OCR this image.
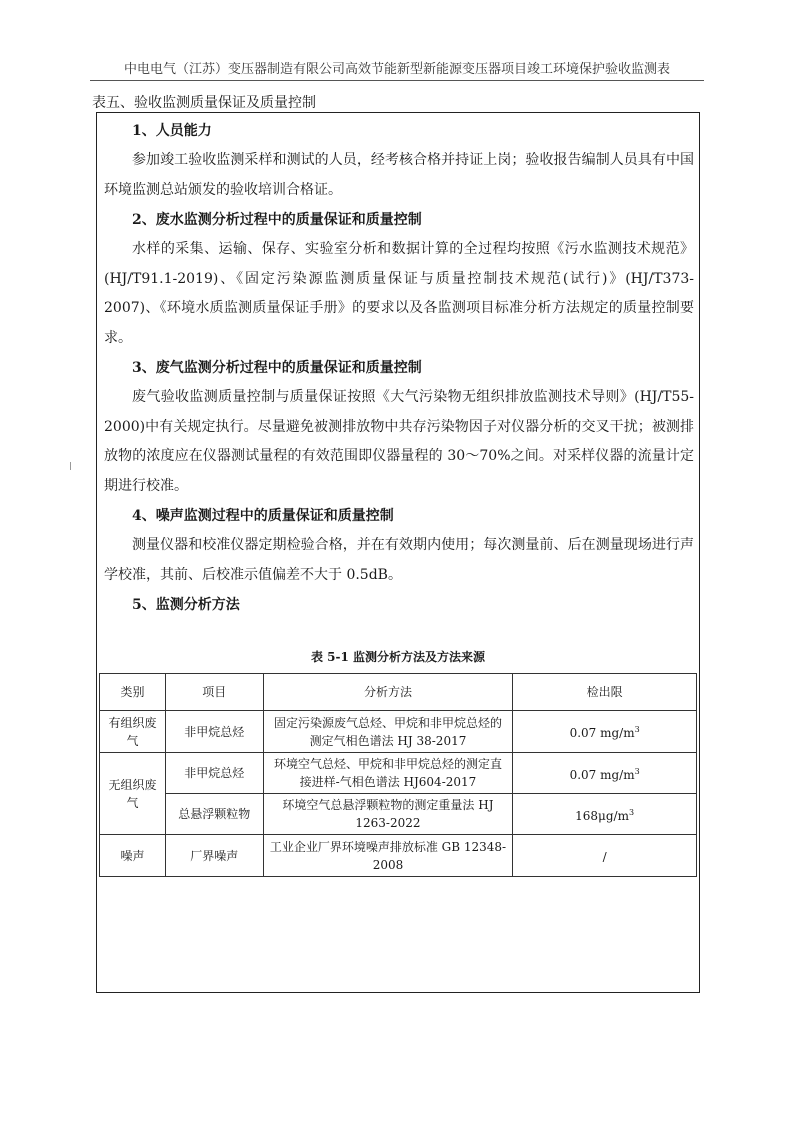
中电电气（江苏）变压器制造有限公司高效节能新型新能源变压器项目竣工环境保护验收监测表
表五、验收监测质量保证及质量控制
1、人员能力

参加竣工验收监测采样和测试的人员，经考核合格并持证上岗；验收报告编制人员具有中国环境监测总站颁发的验收培训合格证。

2、废水监测分析过程中的质量保证和质量控制

水样的采集、运输、保存、实验室分析和数据计算的全过程均按照《污水监测技术规范》(HJ/T91.1-2019)、《固定污染源监测质量保证与质量控制技术规范(试行)》(HJ/T373-2007)、《环境水质监测质量保证手册》的要求以及各监测项目标准分析方法规定的质量控制要求。

3、废气监测分析过程中的质量保证和质量控制

废气验收监测质量控制与质量保证按照《大气污染物无组织排放监测技术导则》(HJ/T55-2000)中有关规定执行。尽量避免被测排放物中共存污染物因子对仪器分析的交叉干扰；被测排放物的浓度应在仪器测试量程的有效范围即仪器量程的 30～70%之间。对采样仪器的流量计定期进行校准。

4、噪声监测过程中的质量保证和质量控制

测量仪器和校准仪器定期检验合格，并在有效期内使用；每次测量前、后在测量现场进行声学校准，其前、后校准示值偏差不大于 0.5dB。

5、监测分析方法
表 5-1 监测分析方法及方法来源
类别	项目	分析方法	检出限
有组织废气	非甲烷总烃	固定污染源废气总烃、甲烷和非甲烷总烃的测定气相色谱法 HJ 38-2017	0.07 $mg/m^3$
无组织废气	非甲烷总烃	环境空气总烃、甲烷和非甲烷总烃的测定直接进样-气相色谱法 HJ604-2017	0.07 $mg/m^3$
	总悬浮颗粒物	环境空气总悬浮颗粒物的测定重量法 HJ 1263-2022	$168\mu g/m^3$
噪声	厂界噪声	工业企业厂界环境噪声排放标准 GB 12348-2008	/
